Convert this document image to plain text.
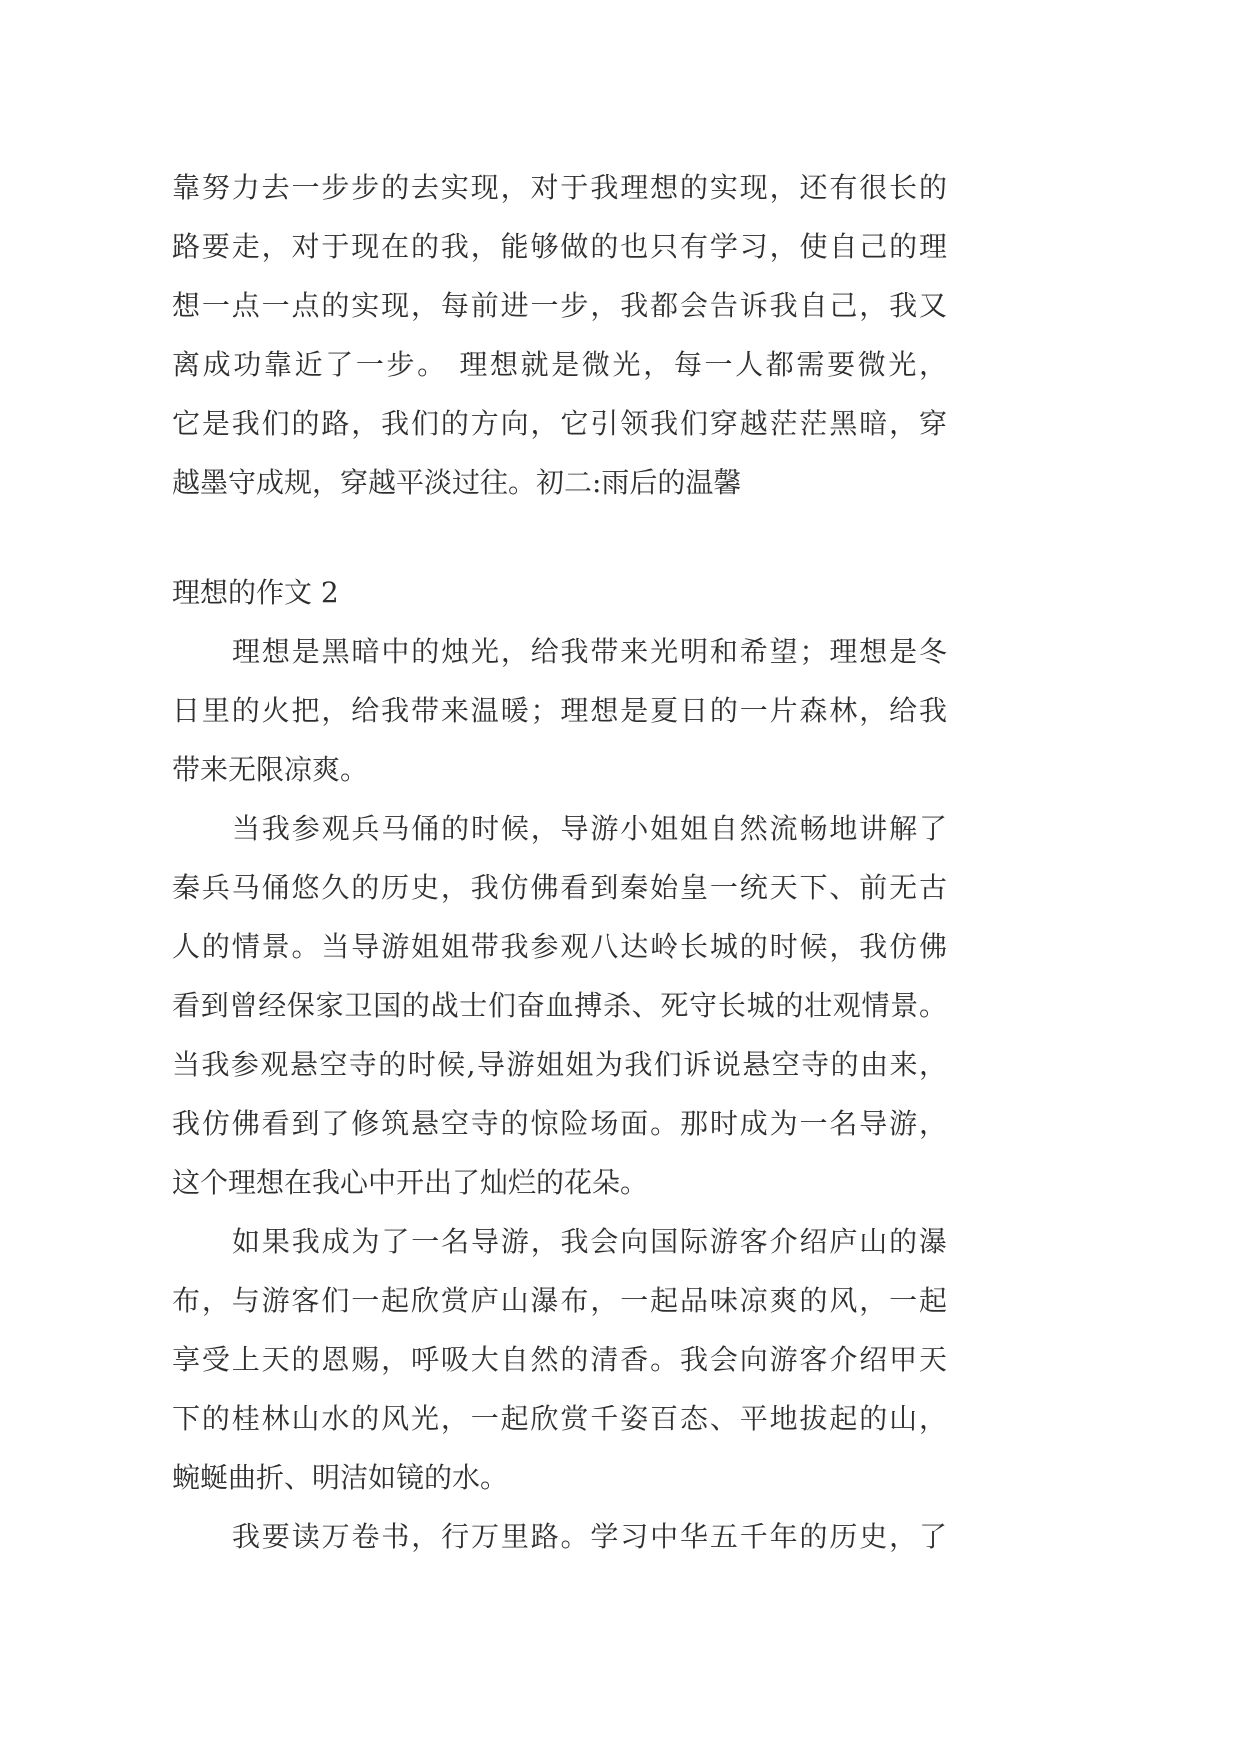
靠努力去一步步的去实现，对于我理想的实现，还有很长的
路要走，对于现在的我，能够做的也只有学习，使自己的理
想一点一点的实现，每前进一步，我都会告诉我自己，我又
离成功靠近了一步。 理想就是微光，每一人都需要微光，
它是我们的路，我们的方向，它引领我们穿越茫茫黑暗，穿
越墨守成规，穿越平淡过往。初二:雨后的温馨
理想的作文 2
理想是黑暗中的烛光，给我带来光明和希望；理想是冬
日里的火把，给我带来温暖；理想是夏日的一片森林，给我
带来无限凉爽。
当我参观兵马俑的时候，导游小姐姐自然流畅地讲解了
秦兵马俑悠久的历史，我仿佛看到秦始皇一统天下、前无古
人的情景。当导游姐姐带我参观八达岭长城的时候，我仿佛
看到曾经保家卫国的战士们奋血搏杀、死守长城的壮观情景。
当我参观悬空寺的时候,导游姐姐为我们诉说悬空寺的由来，
我仿佛看到了修筑悬空寺的惊险场面。那时成为一名导游，
这个理想在我心中开出了灿烂的花朵。
如果我成为了一名导游，我会向国际游客介绍庐山的瀑
布，与游客们一起欣赏庐山瀑布，一起品味凉爽的风，一起
享受上天的恩赐，呼吸大自然的清香。我会向游客介绍甲天
下的桂林山水的风光，一起欣赏千姿百态、平地拔起的山，
蜿蜒曲折、明洁如镜的水。
我要读万卷书，行万里路。学习中华五千年的历史，了
